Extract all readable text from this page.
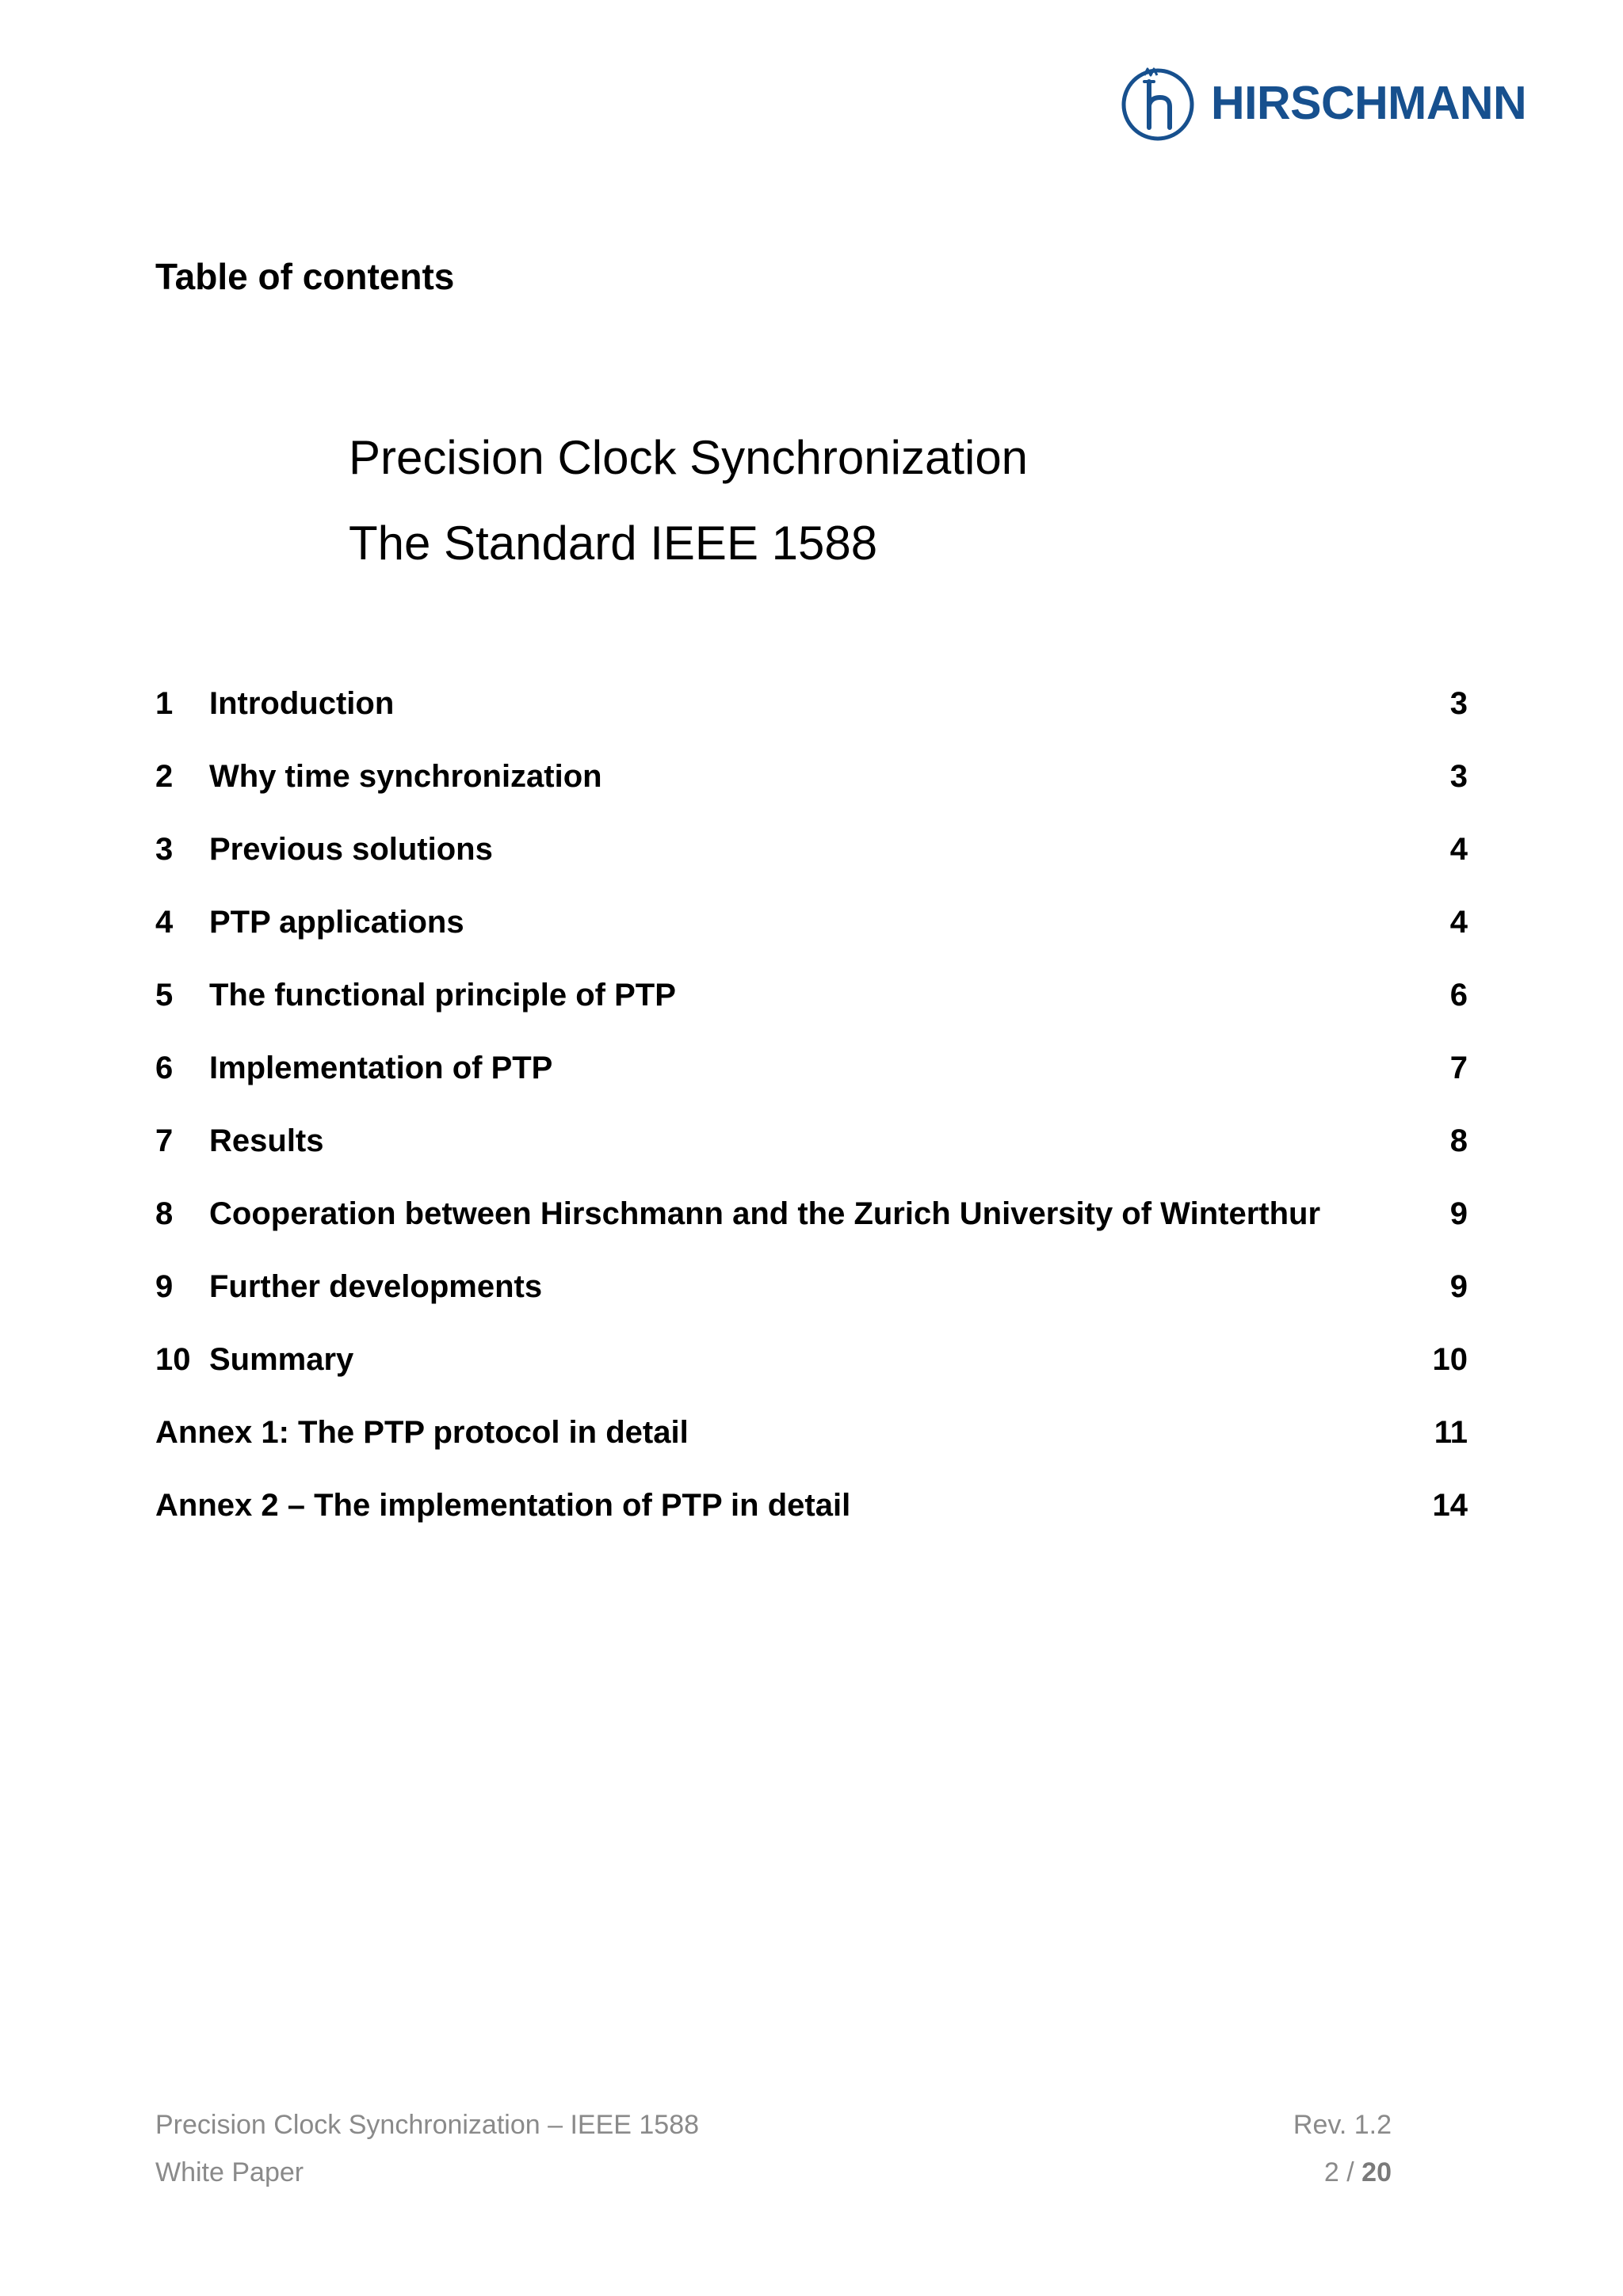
HIRSCHMANN
Table of contents
Precision Clock Synchronization
The Standard IEEE 1588
1 Introduction	3
2 Why time synchronization	3
3 Previous solutions	4
4 PTP applications	4
5 The functional principle of PTP	6
6 Implementation of PTP	7
7 Results	8
8 Cooperation between Hirschmann and the Zurich University of Winterthur	9
9 Further developments	9
10 Summary	10
Annex 1: The PTP protocol in detail	11
Annex 2 – The implementation of PTP in detail	14
Precision Clock Synchronization – IEEE 1588	Rev. 1.2
White Paper	2 / 20
